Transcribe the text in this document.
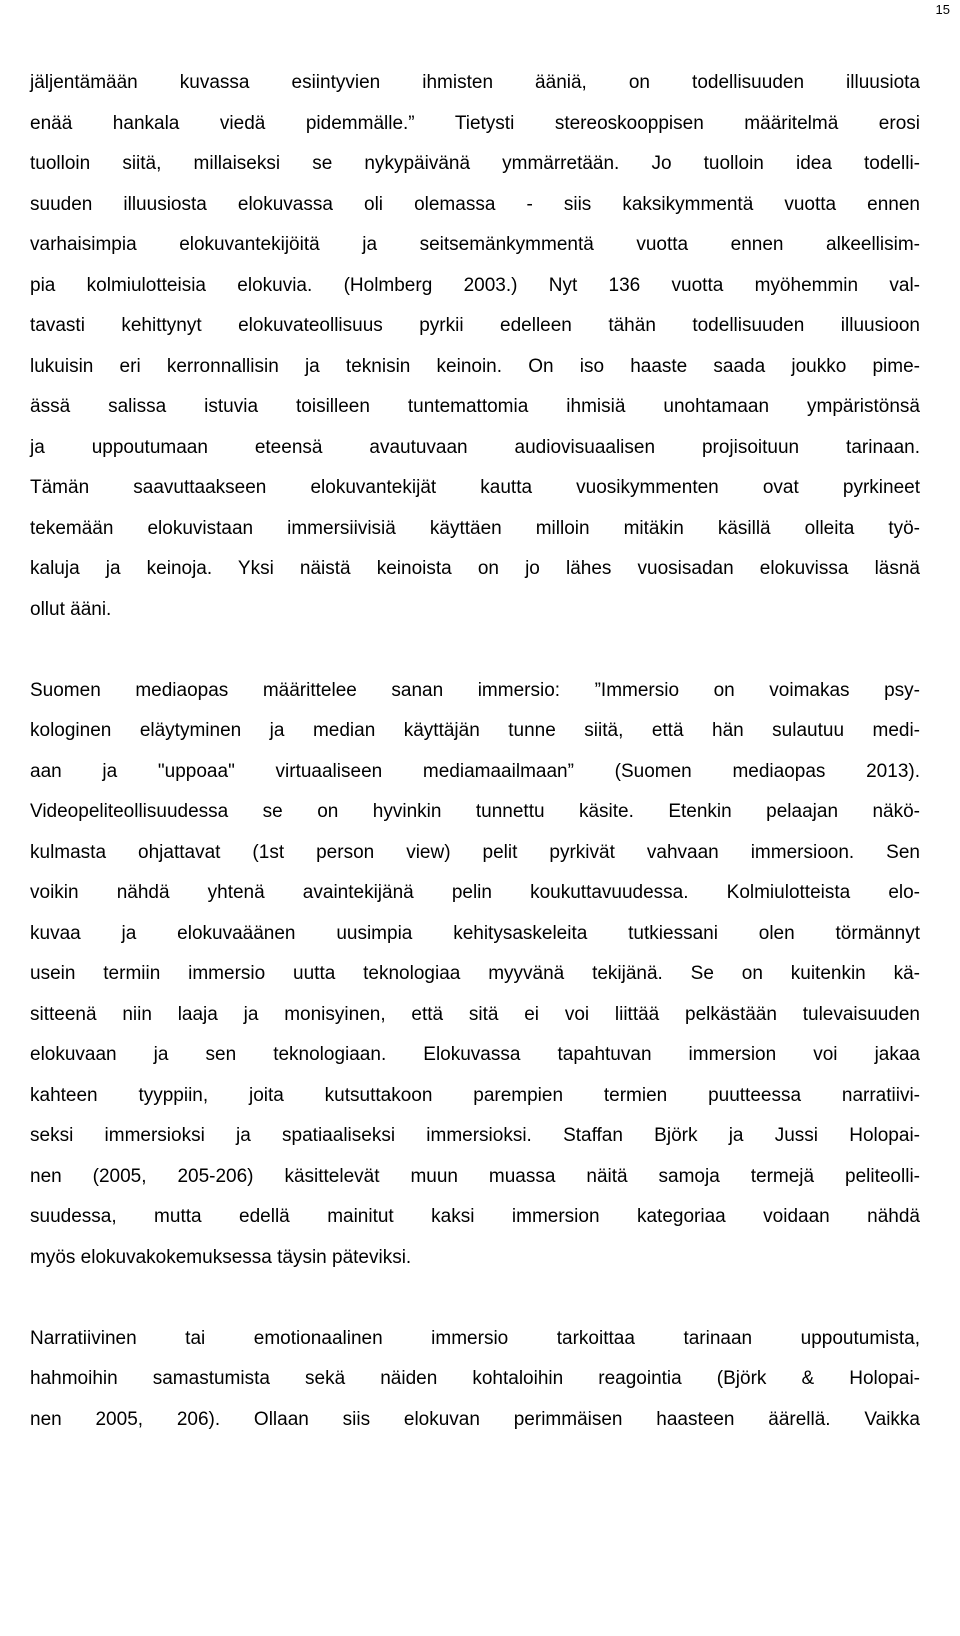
15

jäljentämään kuvassa esiintyvien ihmisten ääniä, on todellisuuden illuusiota
enää hankala viedä pidemmälle.” Tietysti stereoskooppisen määritelmä erosi
tuolloin siitä, millaiseksi se nykypäivänä ymmärretään. Jo tuolloin idea todelli-
suuden illuusiosta elokuvassa oli olemassa - siis kaksikymmentä vuotta ennen
varhaisimpia elokuvantekijöitä ja seitsemänkymmentä vuotta ennen alkeellisim-
pia kolmiulotteisia elokuvia. (Holmberg 2003.) Nyt 136 vuotta myöhemmin val-
tavasti kehittynyt elokuvateollisuus pyrkii edelleen tähän todellisuuden illuusioon
lukuisin eri kerronnallisin ja teknisin keinoin. On iso haaste saada joukko pime-
ässä salissa istuvia toisilleen tuntemattomia ihmisiä unohtamaan ympäristönsä
ja uppoutumaan eteensä avautuvaan audiovisuaalisen projisoituun tarinaan.
Tämän saavuttaakseen elokuvantekijät kautta vuosikymmenten ovat pyrkineet
tekemään elokuvistaan immersiivisiä käyttäen milloin mitäkin käsillä olleita työ-
kaluja ja keinoja. Yksi näistä keinoista on jo lähes vuosisadan elokuvissa läsnä
ollut ääni.

Suomen mediaopas määrittelee sanan immersio: ”Immersio on voimakas psy-
kologinen eläytyminen ja median käyttäjän tunne siitä, että hän sulautuu medi-
aan ja "uppoaa" virtuaaliseen mediamaailmaan” (Suomen mediaopas 2013).
Videopeliteollisuudessa se on hyvinkin tunnettu käsite. Etenkin pelaajan näkö-
kulmasta ohjattavat (1st person view) pelit pyrkivät vahvaan immersioon. Sen
voikin nähdä yhtenä avaintekijänä pelin koukuttavuudessa. Kolmiulotteista elo-
kuvaa ja elokuvaäänen uusimpia kehitysaskeleita tutkiessani olen törmännyt
usein termiin immersio uutta teknologiaa myyvänä tekijänä. Se on kuitenkin kä-
sitteenä niin laaja ja monisyinen, että sitä ei voi liittää pelkästään tulevaisuuden
elokuvaan ja sen teknologiaan. Elokuvassa tapahtuvan immersion voi jakaa
kahteen tyyppiin, joita kutsuttakoon parempien termien puutteessa narratiivi-
seksi immersioksi ja spatiaaliseksi immersioksi. Staffan Björk ja Jussi Holopai-
nen (2005, 205-206) käsittelevät muun muassa näitä samoja termejä peliteolli-
suudessa, mutta edellä mainitut kaksi immersion kategoriaa voidaan nähdä
myös elokuvakokemuksessa täysin päteviksi.

Narratiivinen tai emotionaalinen immersio tarkoittaa tarinaan uppoutumista,
hahmoihin samastumista sekä näiden kohtaloihin reagointia (Björk & Holopai-
nen 2005, 206). Ollaan siis elokuvan perimmäisen haasteen äärellä. Vaikka
